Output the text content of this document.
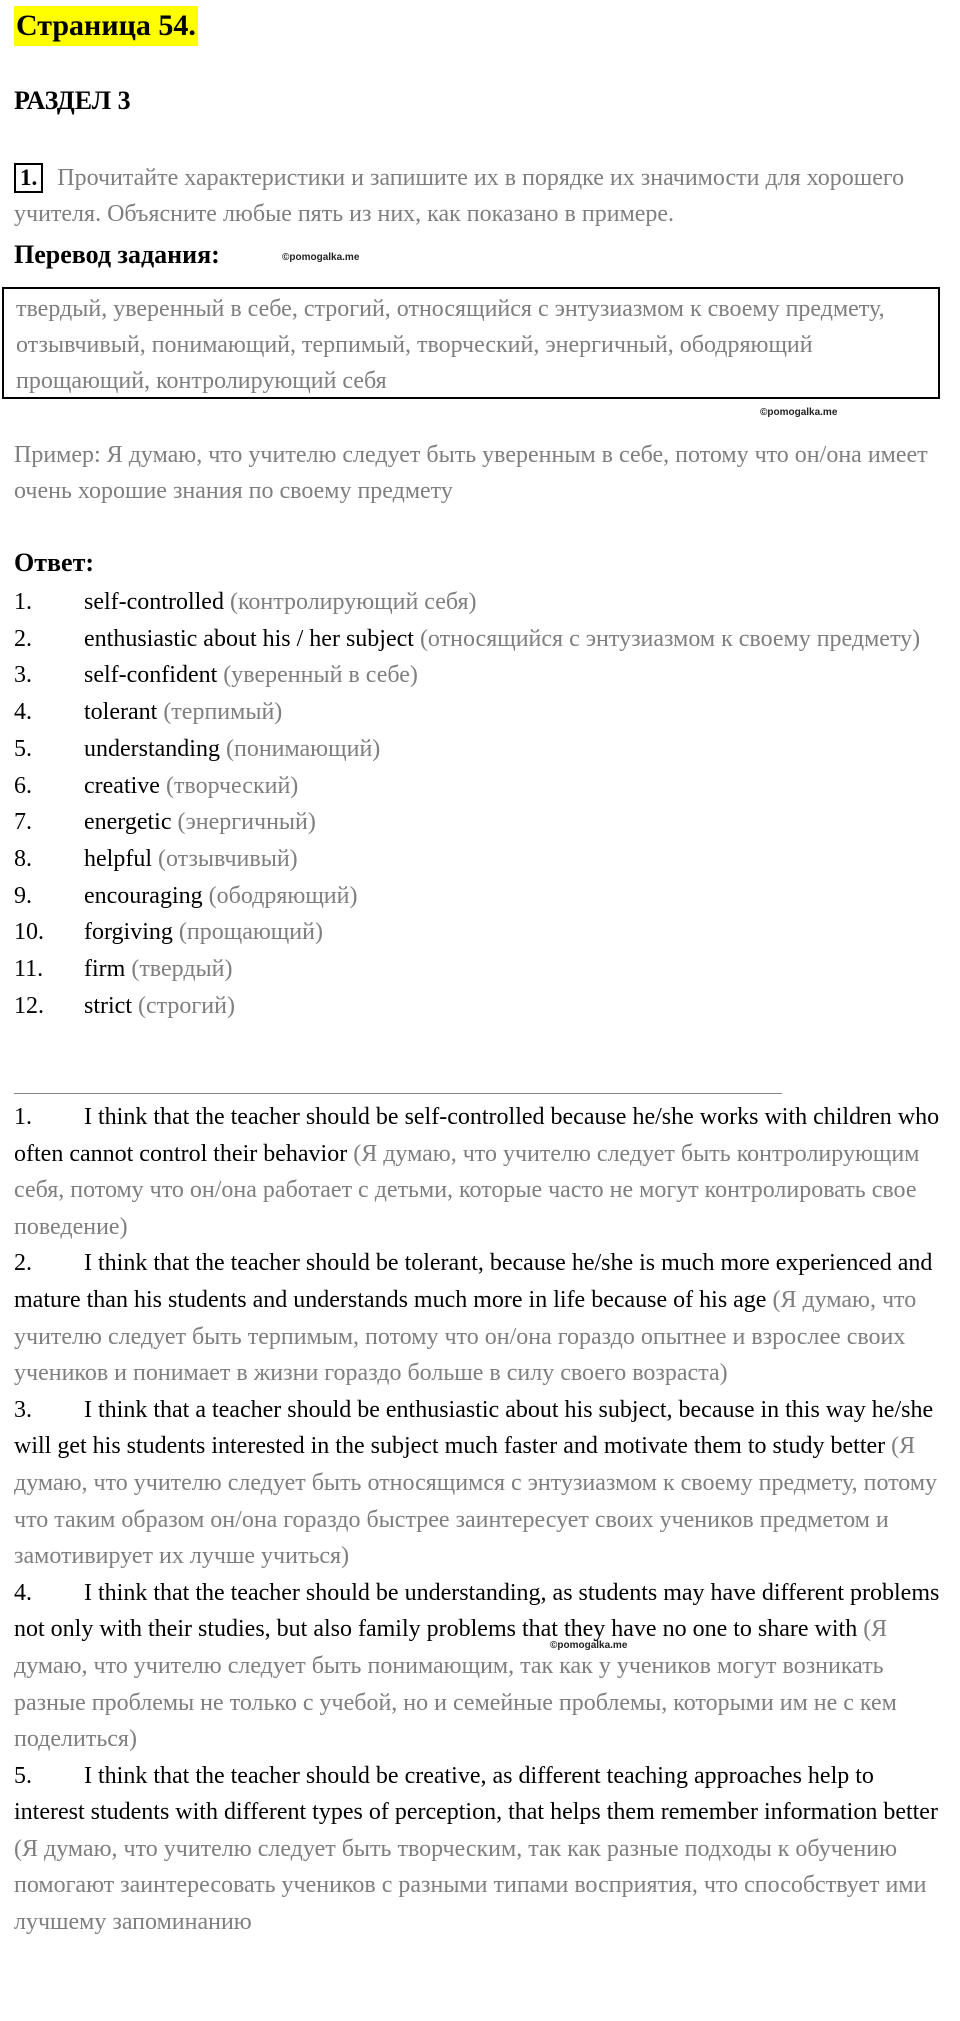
Страница 54.
РАЗДЕЛ 3
1. Прочитайте характеристики и запишите их в порядке их значимости для хорошего учителя. Объясните любые пять из них, как показано в примере.
Перевод задания:	©pomogalka.me
твердый, уверенный в себе, строгий, относящийся с энтузиазмом к своему предмету, отзывчивый, понимающий, терпимый, творческий, энергичный, ободряющий прощающий, контролирующий себя
©pomogalka.me
Пример: Я думаю, что учителю следует быть уверенным в себе, потому что он/она имеет очень хорошие знания по своему предмету
Ответ:
1. self-controlled (контролирующий себя)
2. enthusiastic about his / her subject (относящийся с энтузиазмом к своему предмету)
3. self-confident (уверенный в себе)
4. tolerant (терпимый)
5. understanding (понимающий)
6. creative (творческий)
7. energetic (энергичный)
8. helpful (отзывчивый)
9. encouraging (ободряющий)
10. forgiving (прощающий)
11. firm (твердый)
12. strict (строгий)
1. I think that the teacher should be self-controlled because he/she works with children who often cannot control their behavior (Я думаю, что учителю следует быть контролирующим себя, потому что он/она работает с детьми, которые часто не могут контролировать свое поведение)
2. I think that the teacher should be tolerant, because he/she is much more experienced and mature than his students and understands much more in life because of his age (Я думаю, что учителю следует быть терпимым, потому что он/она гораздо опытнее и взрослее своих учеников и понимает в жизни гораздо больше в силу своего возраста)
3. I think that a teacher should be enthusiastic about his subject, because in this way he/she will get his students interested in the subject much faster and motivate them to study better (Я думаю, что учителю следует быть относящимся с энтузиазмом к своему предмету, потому что таким образом он/она гораздо быстрее заинтересует своих учеников предметом и замотивирует их лучше учиться)
4. I think that the teacher should be understanding, as students may have different problems not only with their studies, but also family problems that they have no one to share with (Я думаю, что учителю следует быть понимающим, так как у учеников могут возникать разные проблемы не только с учебой, но и семейные проблемы, которыми им не с кем поделиться)
5. I think that the teacher should be creative, as different teaching approaches help to interest students with different types of perception, that helps them remember information better (Я думаю, что учителю следует быть творческим, так как разные подходы к обучению помогают заинтересовать учеников с разными типами восприятия, что способствует ими лучшему запоминанию
©pomogalka.me
